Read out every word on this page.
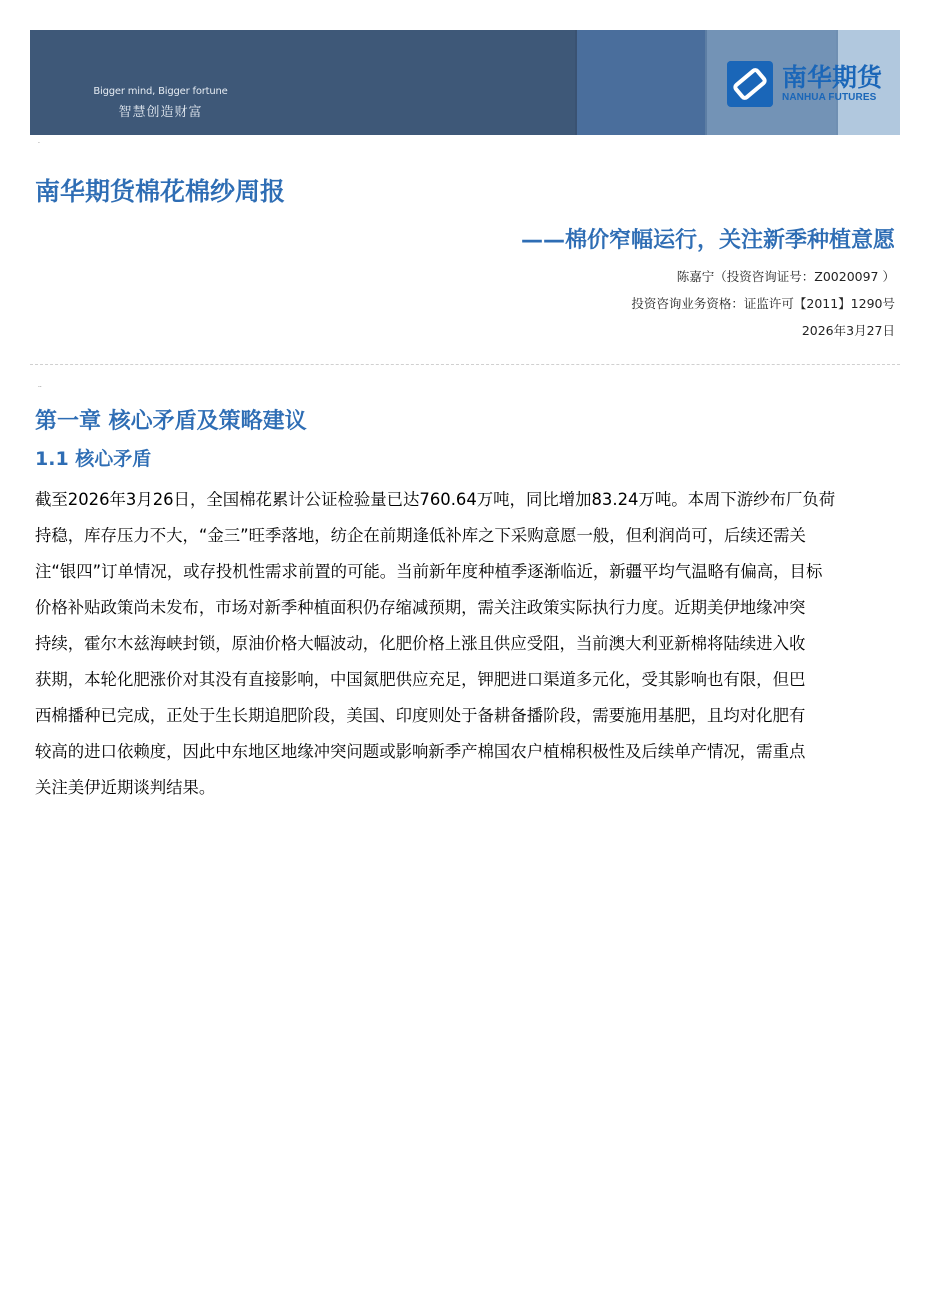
Bigger mind, Bigger fortune
智慧创造财富
南华期货
NANHUA FUTURES
·
南华期货棉花棉纱周报
——棉价窄幅运行，关注新季种植意愿
陈嘉宁（投资咨询证号：Z0020097 ）
投资咨询业务资格：证监许可【2011】1290号
2026年3月27日
··
第一章 核心矛盾及策略建议
1.1 核心矛盾
截至2026年3月26日，全国棉花累计公证检验量已达760.64万吨，同比增加83.24万吨。本周下游纱布厂负荷
持稳，库存压力不大，“金三”旺季落地，纺企在前期逢低补库之下采购意愿一般，但利润尚可，后续还需关
注“银四”订单情况，或存投机性需求前置的可能。当前新年度种植季逐渐临近，新疆平均气温略有偏高，目标
价格补贴政策尚未发布，市场对新季种植面积仍存缩减预期，需关注政策实际执行力度。近期美伊地缘冲突
持续，霍尔木兹海峡封锁，原油价格大幅波动，化肥价格上涨且供应受阻，当前澳大利亚新棉将陆续进入收
获期，本轮化肥涨价对其没有直接影响，中国氮肥供应充足，钾肥进口渠道多元化，受其影响也有限，但巴
西棉播种已完成，正处于生长期追肥阶段，美国、印度则处于备耕备播阶段，需要施用基肥，且均对化肥有
较高的进口依赖度，因此中东地区地缘冲突问题或影响新季产棉国农户植棉积极性及后续单产情况，需重点
关注美伊近期谈判结果。
